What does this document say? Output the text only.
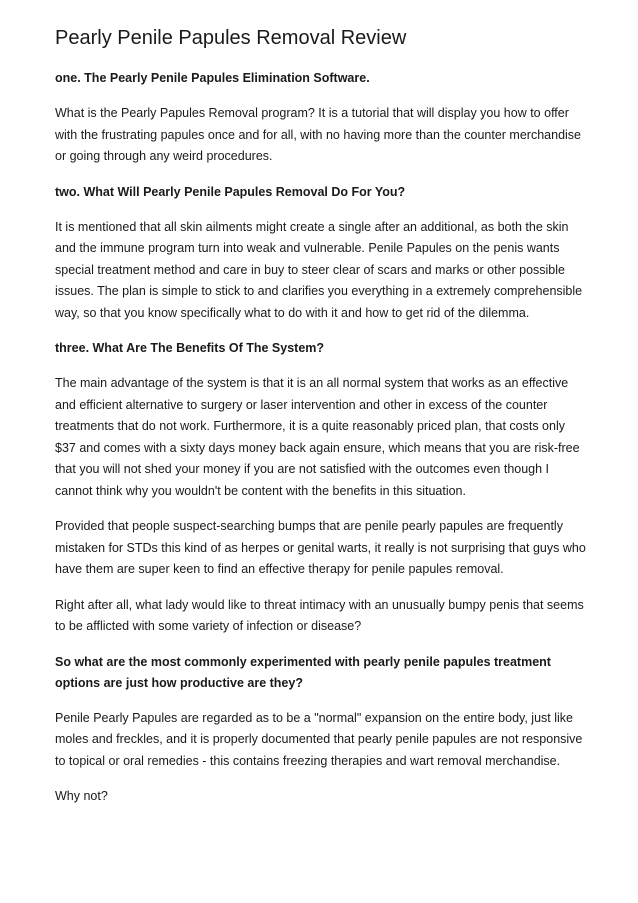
Pearly Penile Papules Removal Review
one. The Pearly Penile Papules Elimination Software.
What is the Pearly Papules Removal program? It is a tutorial that will display you how to offer with the frustrating papules once and for all, with no having more than the counter merchandise or going through any weird procedures.
two. What Will Pearly Penile Papules Removal Do For You?
It is mentioned that all skin ailments might create a single after an additional, as both the skin and the immune program turn into weak and vulnerable. Penile Papules on the penis wants special treatment method and care in buy to steer clear of scars and marks or other possible issues. The plan is simple to stick to and clarifies you everything in a extremely comprehensible way, so that you know specifically what to do with it and how to get rid of the dilemma.
three. What Are The Benefits Of The System?
The main advantage of the system is that it is an all normal system that works as an effective and efficient alternative to surgery or laser intervention and other in excess of the counter treatments that do not work. Furthermore, it is a quite reasonably priced plan, that costs only $37 and comes with a sixty days money back again ensure, which means that you are risk-free that you will not shed your money if you are not satisfied with the outcomes even though I cannot think why you wouldn't be content with the benefits in this situation.
Provided that people suspect-searching bumps that are penile pearly papules are frequently mistaken for STDs this kind of as herpes or genital warts, it really is not surprising that guys who have them are super keen to find an effective therapy for penile papules removal.
Right after all, what lady would like to threat intimacy with an unusually bumpy penis that seems to be afflicted with some variety of infection or disease?
So what are the most commonly experimented with pearly penile papules treatment options are just how productive are they?
Penile Pearly Papules are regarded as to be a "normal" expansion on the entire body, just like moles and freckles, and it is properly documented that pearly penile papules are not responsive to topical or oral remedies - this contains freezing therapies and wart removal merchandise.
Why not?
